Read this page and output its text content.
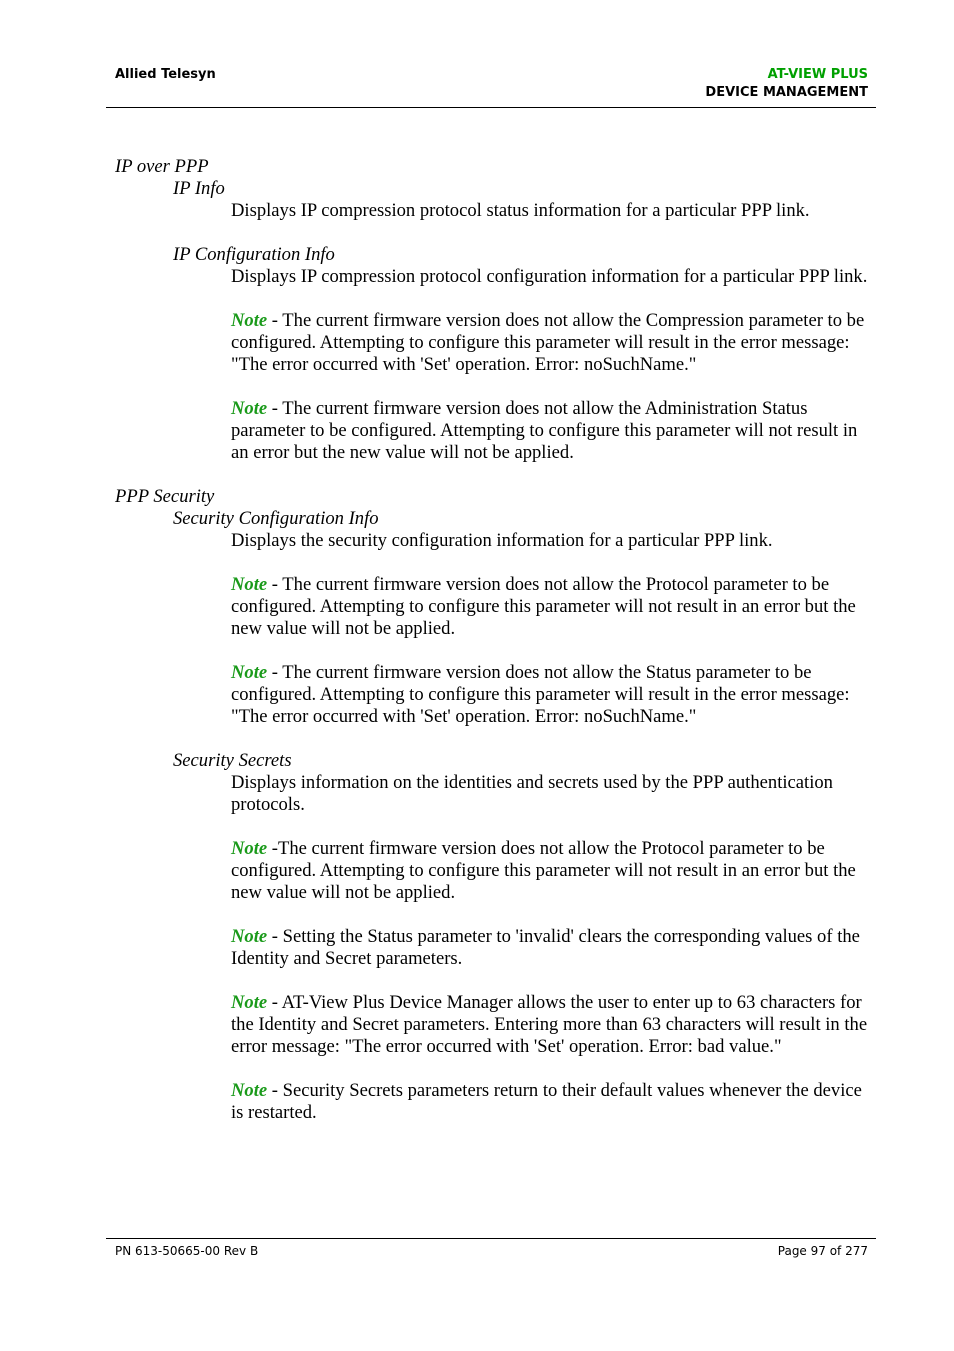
Allied Telesyn	AT-VIEW PLUS
DEVICE MANAGEMENT

IP over PPP

IP Info

Displays IP compression protocol status information for a particular PPP link.

IP Configuration Info

Displays IP compression protocol configuration information for a particular PPP link.

Note - The current firmware version does not allow the Compression parameter to be configured. Attempting to configure this parameter will result in the error message: "The error occurred with 'Set' operation. Error: noSuchName."

Note - The current firmware version does not allow the Administration Status parameter to be configured. Attempting to configure this parameter will not result in an error but the new value will not be applied.

PPP Security

Security Configuration Info

Displays the security configuration information for a particular PPP link.

Note - The current firmware version does not allow the Protocol parameter to be configured. Attempting to configure this parameter will not result in an error but the new value will not be applied.

Note - The current firmware version does not allow the Status parameter to be configured. Attempting to configure this parameter will result in the error message: "The error occurred with 'Set' operation. Error: noSuchName."

Security Secrets

Displays information on the identities and secrets used by the PPP authentication protocols.

Note -The current firmware version does not allow the Protocol parameter to be configured. Attempting to configure this parameter will not result in an error but the new value will not be applied.

Note - Setting the Status parameter to 'invalid' clears the corresponding values of the Identity and Secret parameters.

Note - AT-View Plus Device Manager allows the user to enter up to 63 characters for the Identity and Secret parameters. Entering more than 63 characters will result in the error message: "The error occurred with 'Set' operation. Error: bad value."

Note - Security Secrets parameters return to their default values whenever the device is restarted.

PN 613-50665-00 Rev B	Page 97 of 277
